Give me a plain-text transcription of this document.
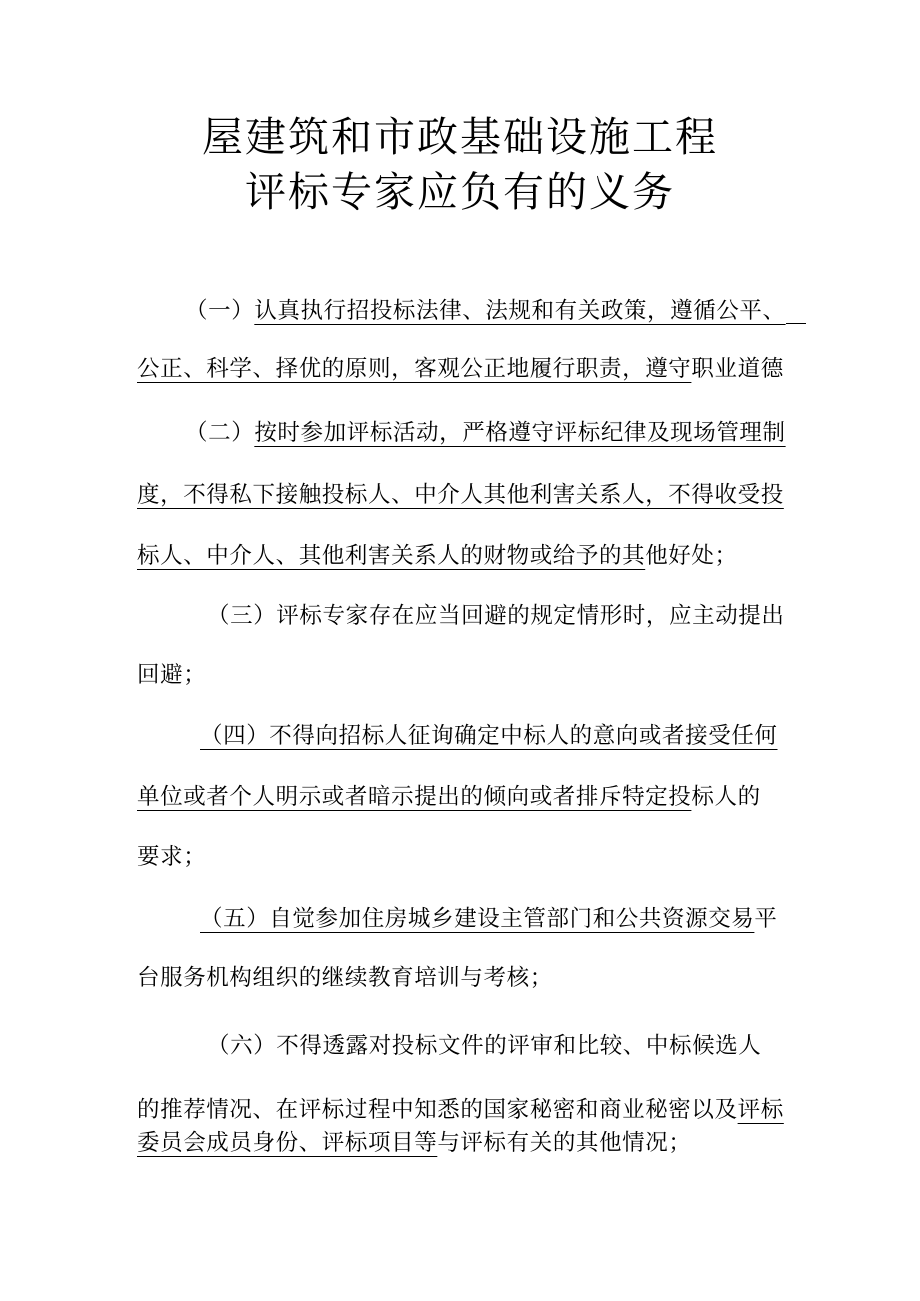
屋建筑和市政基础设施工程
评标专家应负有的义务
（一）认真执行招投标法律、法规和有关政策，遵循公平、
公正、科学、择优的原则，客观公正地履行职责，遵守职业道德
（二）按时参加评标活动，严格遵守评标纪律及现场管理制
度，不得私下接触投标人、中介人其他利害关系人，不得收受投
标人、中介人、其他利害关系人的财物或给予的其他好处；
（三）评标专家存在应当回避的规定情形时，应主动提出
回避；
（四）不得向招标人征询确定中标人的意向或者接受任何
单位或者个人明示或者暗示提出的倾向或者排斥特定投标人的
要求；
（五）自觉参加住房城乡建设主管部门和公共资源交易平
台服务机构组织的继续教育培训与考核；
（六）不得透露对投标文件的评审和比较、中标候选人
的推荐情况、在评标过程中知悉的国家秘密和商业秘密以及评标
委员会成员身份、评标项目等与评标有关的其他情况；
